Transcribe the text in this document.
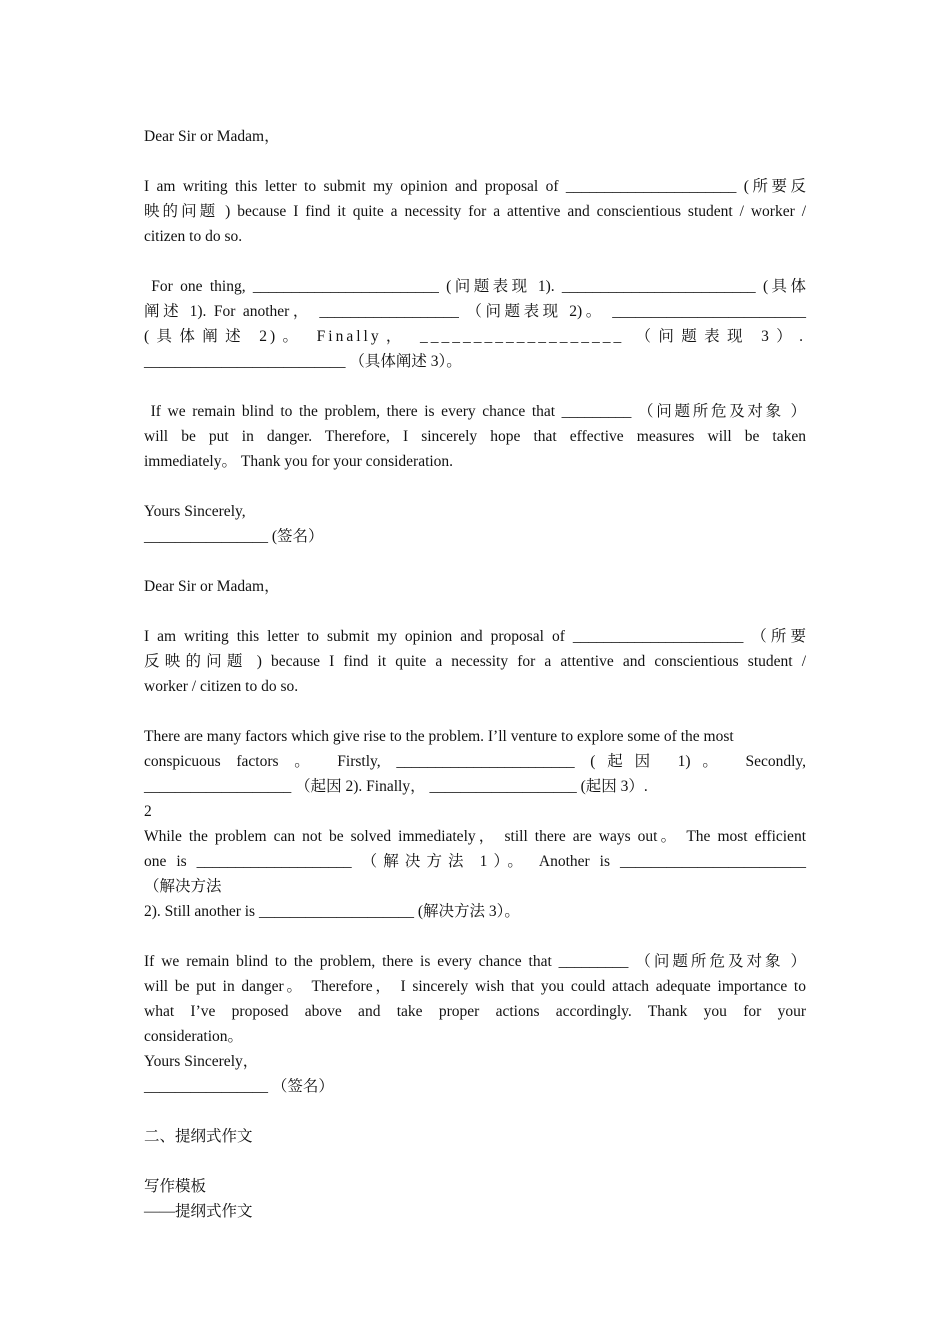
Dear Sir or Madam，

I am writing this letter to submit my opinion and proposal of ______________________ (所要反

映的问题 ) because I find it quite a necessity for a attentive and conscientious student / worker /

citizen to do so.

For one thing, ________________________ (问题表现 1). _________________________ (具体

阐述 1). For another， __________________ （问题表现 2)。 _________________________

(具体阐述 2)。 Finally， ___________________ （问题表现 3）.

__________________________ （具体阐述 3）。

If we remain blind to the problem, there is every chance that _________ （问题所危及对象 ）

will be put in danger. Therefore, I sincerely hope that effective measures will be taken

immediately。 Thank you for your consideration.

Yours Sincerely,

________________ (签名）

Dear Sir or Madam，

I am writing this letter to submit my opinion and proposal of ______________________ （所要

反映的问题 ) because I find it quite a necessity for a attentive and conscientious student /

worker / citizen to do so.

There are many factors which give rise to the problem. I’ll venture to explore some of the most

conspicuous factors 。 Firstly, _______________________ (起因 1)。 Secondly,

___________________ （起因 2). Finally， ___________________ (起因 3）.

2

While the problem can not be solved immediately， still there are ways out。 The most efficient

one is ____________________ （解决方法 1）。 Another is ________________________

（解决方法

2). Still another is ____________________ (解决方法 3）。

If we remain blind to the problem, there is every chance that _________ （问题所危及对象 ）

will be put in danger。 Therefore， I sincerely wish that you could attach adequate importance to

what I’ve proposed above and take proper actions accordingly. Thank you for your

consideration。

Yours Sincerely，

________________ （签名）

二、提纲式作文

写作模板

——提纲式作文
